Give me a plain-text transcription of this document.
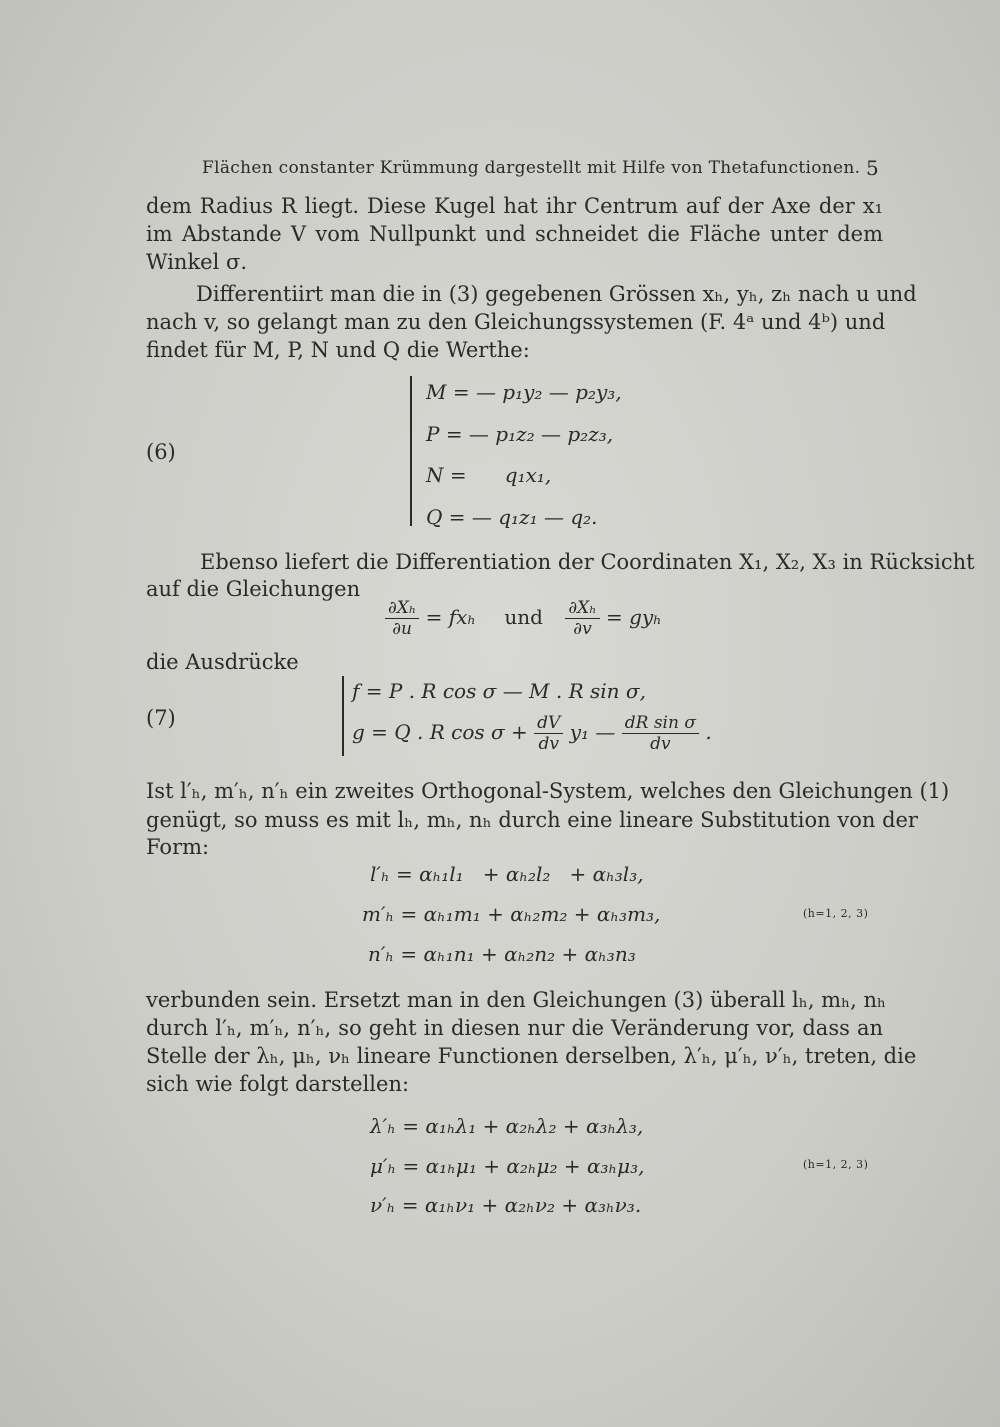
Flächen constanter Krümmung dargestellt mit Hilfe von Thetafunctionen. 5
dem Radius R liegt. Diese Kugel hat ihr Centrum auf der Axe der x₁
im Abstande V vom Nullpunkt und schneidet die Fläche unter dem
Winkel σ.
Differentiirt man die in (3) gegebenen Grössen xₕ, yₕ, zₕ nach u und
nach v, so gelangt man zu den Gleichungssystemen (F. 4ᵃ und 4ᵇ) und
findet für M, P, N und Q die Werthe:
(6)
M = — p₁y₂ — p₂y₃,
P = — p₁z₂ — p₂z₃,
N =      q₁x₁,
Q = — q₁z₁ — q₂.
Ebenso liefert die Differentiation der Coordinaten X₁, X₂, X₃ in Rücksicht
auf die Gleichungen
$\frac{\text{∂Xₕ}}{\partial u} = fx_h$ und $\frac{\text{∂Xₕ}}{\partial v} = gy_h$
die Ausdrücke
(7)
f = P . R cos σ — M . R sin σ,
g = Q . R $\cos \sigma + \frac{dV}{dv} y_1$ — $\frac{\text{dR sin σ}}{dv}$ .
Ist l′ₕ, m′ₕ, n′ₕ ein zweites Orthogonal-System, welches den Gleichungen (1)
genügt, so muss es mit lₕ, mₕ, nₕ durch eine lineare Substitution von der
Form:
l′ₕ = αₕ₁l₁   + αₕ₂l₂   + αₕ₃l₃,
m′ₕ = αₕ₁m₁ + αₕ₂m₂ + αₕ₃m₃,
n′ₕ = αₕ₁n₁ + αₕ₂n₂ + αₕ₃n₃
(h=1, 2, 3)
verbunden sein. Ersetzt man in den Gleichungen (3) überall lₕ, mₕ, nₕ
durch l′ₕ, m′ₕ, n′ₕ, so geht in diesen nur die Veränderung vor, dass an
Stelle der λₕ, μₕ, νₕ lineare Functionen derselben, λ′ₕ, μ′ₕ, ν′ₕ, treten, die
sich wie folgt darstellen:
λ′ₕ = α₁ₕλ₁ + α₂ₕλ₂ + α₃ₕλ₃,
μ′ₕ = α₁ₕμ₁ + α₂ₕμ₂ + α₃ₕμ₃,
ν′ₕ = α₁ₕν₁ + α₂ₕν₂ + α₃ₕν₃.
(h=1, 2, 3)
